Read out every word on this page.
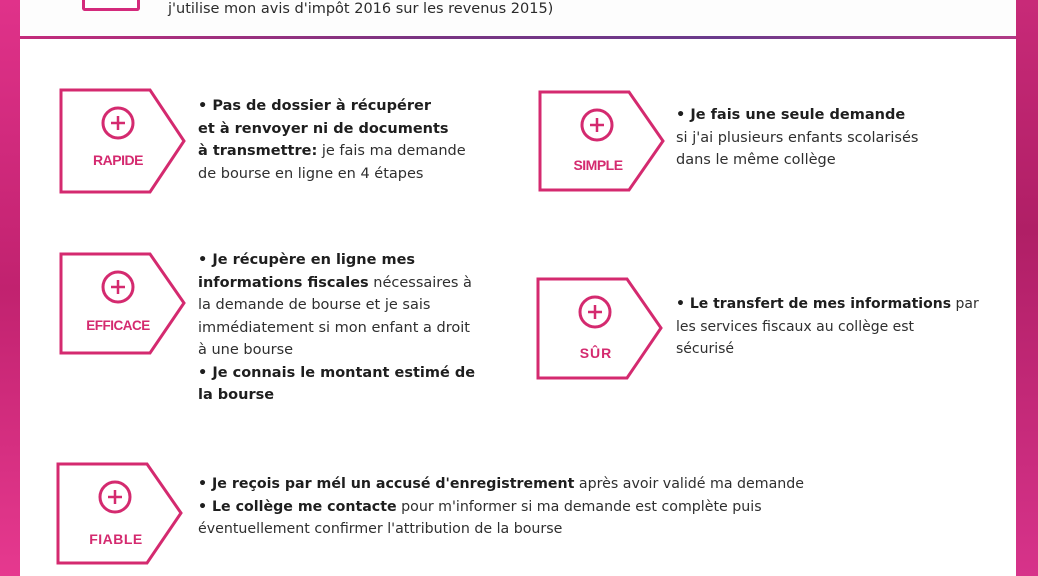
j'utilise mon avis d'impôt 2016 sur les revenus 2015)
RAPIDE
• Pas de dossier à récupérer
et à renvoyer ni de documents
à transmettre: je fais ma demande
de bourse en ligne en 4 étapes
SIMPLE
• Je fais une seule demande
si j'ai plusieurs enfants scolarisés
dans le même collège
EFFICACE
• Je récupère en ligne mes
informations fiscales nécessaires à
la demande de bourse et je sais
immédiatement si mon enfant a droit
à une bourse
• Je connais le montant estimé de
la bourse
SÛR
• Le transfert de mes informations par
les services fiscaux au collège est
sécurisé
FIABLE
• Je reçois par mél un accusé d'enregistrement après avoir validé ma demande
• Le collège me contacte pour m'informer si ma demande est complète puis
éventuellement confirmer l'attribution de la bourse
